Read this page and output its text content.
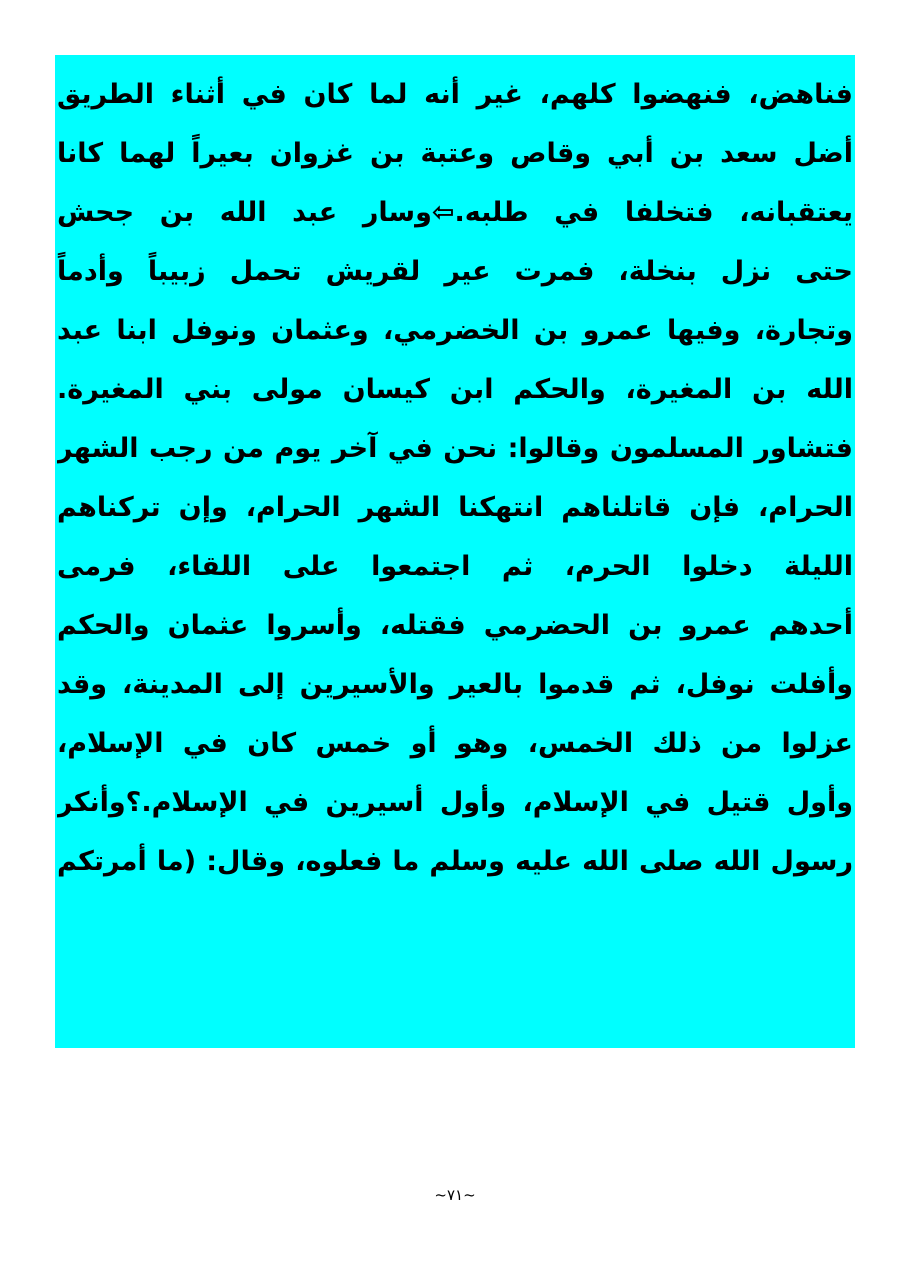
فناهض، فنهضوا كلهم، غير أنه لما كان في أثناء الطريق
أضل سعد بن أبي وقاص وعتبة بن غزوان بعيراً لهما كانا
يعتقبانه، فتخلفا في طلبه.⇦وسار عبد الله بن جحش
حتى نزل بنخلة، فمرت عير لقريش تحمل زبيباً وأدماً
وتجارة، وفيها عمرو بن الخضرمي، وعثمان ونوفل ابنا عبد
الله بن المغيرة، والحكم ابن كيسان مولى بني المغيرة.
فتشاور المسلمون وقالوا: نحن في آخر يوم من رجب الشهر
الحرام، فإن قاتلناهم انتهكنا الشهر الحرام، وإن تركناهم
الليلة دخلوا الحرم، ثم اجتمعوا على اللقاء، فرمى
أحدهم عمرو بن الحضرمي فقتله، وأسروا عثمان والحكم
وأفلت نوفل، ثم قدموا بالعير والأسيرين إلى المدينة، وقد
عزلوا من ذلك الخمس، وهو أو خمس كان في الإسلام،
وأول قتيل في الإسلام، وأول أسيرين في الإسلام.؟وأنكر
رسول الله صلى الله عليه وسلم ما فعلوه، وقال: (ما أمرتكم
~٧١~
